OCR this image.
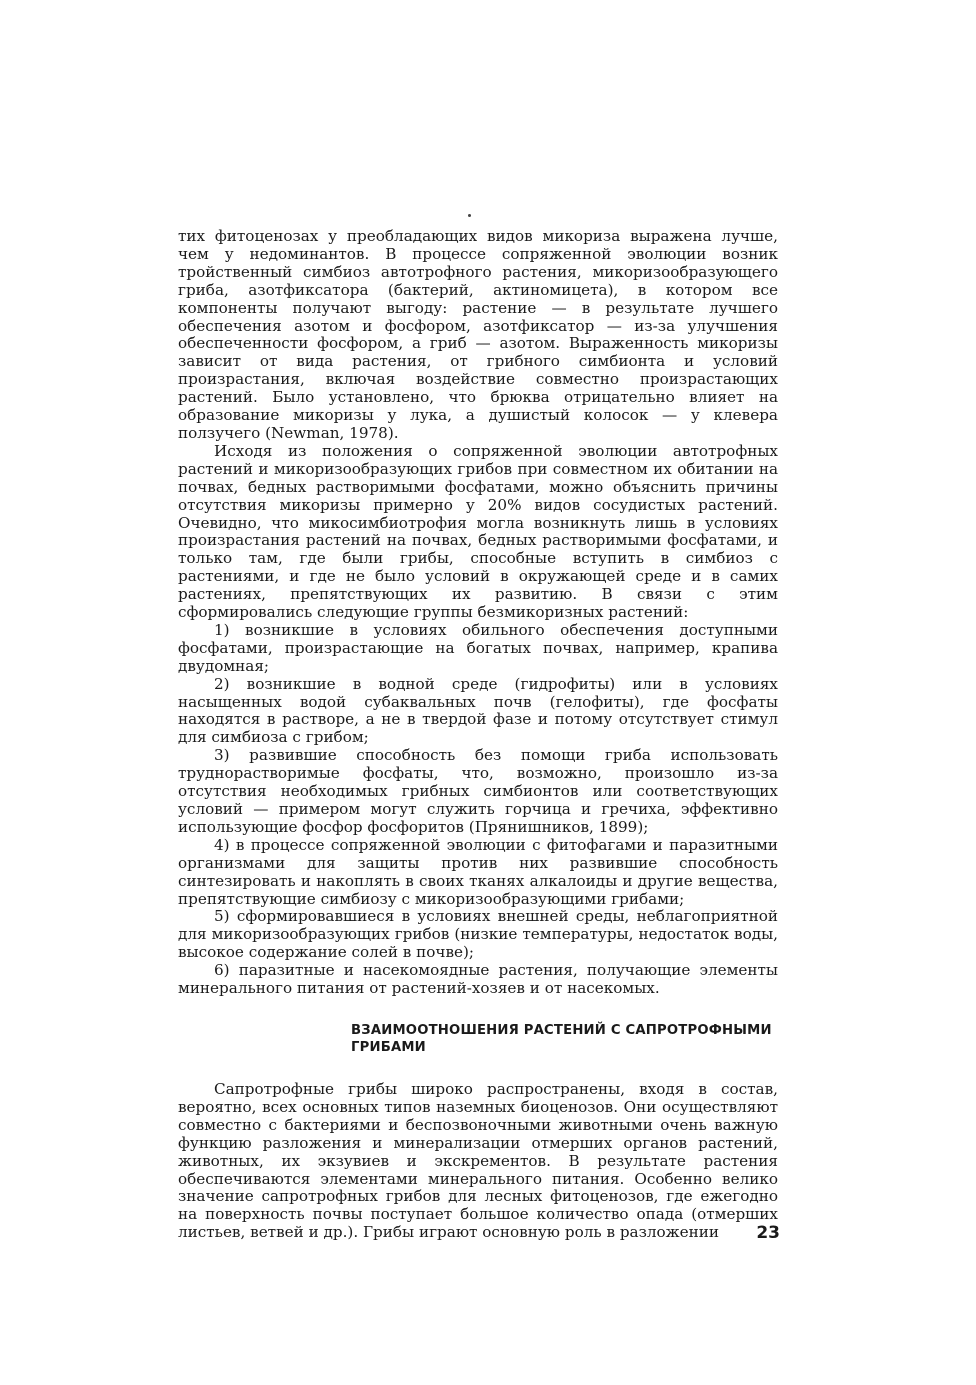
тих фитоценозах у преобладающих видов микориза выражена лучше, чем у недоминантов. В процессе сопряженной эволюции возник тройственный симбиоз автотрофного растения, микоризообразующего гриба, азотфиксатора (бактерий, актиномицета), в котором все компоненты получают выгоду: растение — в результате лучшего обеспечения азотом и фосфором, азотфиксатор — из-за улучшения обеспеченности фосфором, а гриб — азотом. Выраженность микоризы зависит от вида растения, от грибного симбионта и условий произрастания, включая воздействие совместно произрастающих растений. Было установлено, что брюква отрицательно влияет на образование микоризы у лука, а душистый колосок — у клевера ползучего (Newman, 1978).

Исходя из положения о сопряженной эволюции автотрофных растений и микоризообразующих грибов при совместном их обитании на почвах, бедных растворимыми фосфатами, можно объяснить причины отсутствия микоризы примерно у 20% видов сосудистых растений. Очевидно, что микосимбиотрофия могла возникнуть лишь в условиях произрастания растений на почвах, бедных растворимыми фосфатами, и только там, где были грибы, способные вступить в симбиоз с растениями, и где не было условий в окружающей среде и в самих растениях, препятствующих их развитию. В связи с этим сформировались следующие группы безмикоризных растений:

1) возникшие в условиях обильного обеспечения доступными фосфатами, произрастающие на богатых почвах, например, крапива двудомная;

2) возникшие в водной среде (гидрофиты) или в условиях насыщенных водой субаквальных почв (гелофиты), где фосфаты находятся в растворе, а не в твердой фазе и потому отсутствует стимул для симбиоза с грибом;

3) развившие способность без помощи гриба использовать труднорастворимые фосфаты, что, возможно, произошло из-за отсутствия необходимых грибных симбионтов или соответствующих условий — примером могут служить горчица и гречиха, эффективно использующие фосфор фосфоритов (Прянишников, 1899);

4) в процессе сопряженной эволюции с фитофагами и паразитными организмами для защиты против них развившие способность синтезировать и накоплять в своих тканях алкалоиды и другие вещества, препятствующие симбиозу с микоризообразующими грибами;

5) сформировавшиеся в условиях внешней среды, неблагоприятной для микоризообразующих грибов (низкие температуры, недостаток воды, высокое содержание солей в почве);

6) паразитные и насекомоядные растения, получающие элементы минерального питания от растений-хозяев и от насекомых.

ВЗАИМООТНОШЕНИЯ РАСТЕНИЙ С САПРОТРОФНЫМИ ГРИБАМИ

Сапротрофные грибы широко распространены, входя в состав, вероятно, всех основных типов наземных биоценозов. Они осуществляют совместно с бактериями и беспозвоночными животными очень важную функцию разложения и минерализации отмерших органов растений, животных, их экзувиев и экскрементов. В результате растения обеспечиваются элементами минерального питания. Особенно велико значение сапротрофных грибов для лесных фитоценозов, где ежегодно на поверхность почвы поступает большое количество опада (отмерших листьев, ветвей и др.). Грибы играют основную роль в разложении	23
